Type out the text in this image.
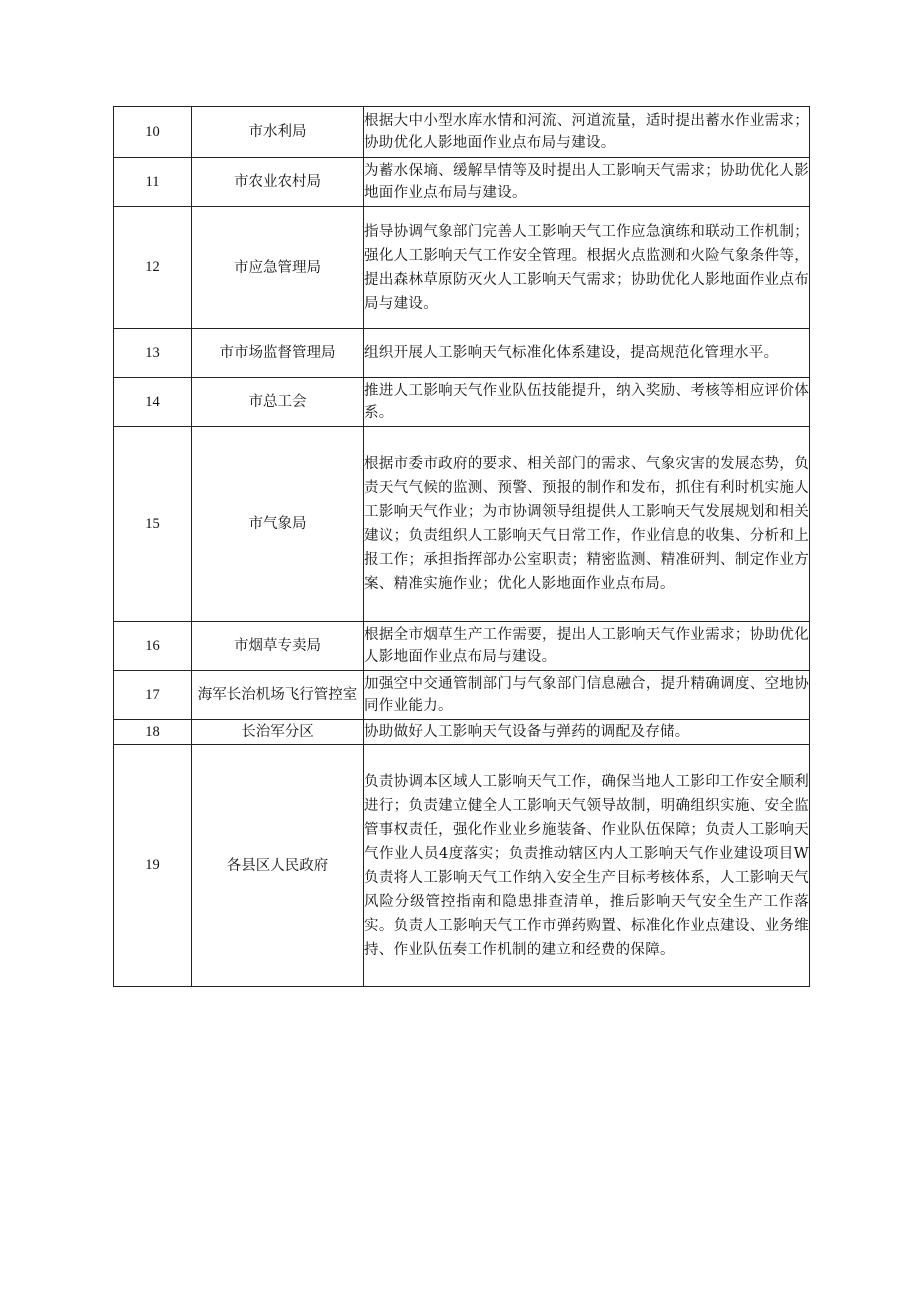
10	市水利局	根据大中小型水库水情和河流、河道流量，适时提出蓄水作业需求；协助优化人影地面作业点布局与建设。
11	市农业农村局	为蓄水保墒、缓解旱情等及时提出人工影响天气需求；协助优化人影地面作业点布局与建设。
12	市应急管理局	指导协调气象部门完善人工影响天气工作应急演练和联动工作机制；强化人工影响天气工作安全管理。根据火点监测和火险气象条件等，提出森林草原防灭火人工影响天气需求；协助优化人影地面作业点布局与建设。
13	市市场监督管理局	组织开展人工影响天气标准化体系建设，提高规范化管理水平。
14	市总工会	推进人工影响天气作业队伍技能提升，纳入奖励、考核等相应评价体系。
15	市气象局	根据市委市政府的要求、相关部门的需求、气象灾害的发展态势，负责天气气候的监测、预警、预报的制作和发布，抓住有利时机实施人工影响天气作业；为市协调领导组提供人工影响天气发展规划和相关建议；负责组织人工影响天气日常工作，作业信息的收集、分析和上报工作；承担指挥部办公室职责；精密监测、精准研判、制定作业方案、精准实施作业；优化人影地面作业点布局。
16	市烟草专卖局	根据全市烟草生产工作需要，提出人工影响天气作业需求；协助优化人影地面作业点布局与建设。
17	海军长治机场飞行管控室	加强空中交通管制部门与气象部门信息融合，提升精确调度、空地协同作业能力。
18	长治军分区	协助做好人工影响天气设备与弹药的调配及存储。
19	各县区人民政府	负责协调本区域人工影响天气工作，确保当地人工影印工作安全顺利进行；负责建立健全人工影响天气领导故制，明确组织实施、安全监管事权责任，强化作业业乡施装备、作业队伍保障；负责人工影响天气作业人员4度落实；负责推动辖区内人工影响天气作业建设项目W负责将人工影响天气工作纳入安全生产目标考核体系，人工影响天气风险分级管控指南和隐患排查清单，推后影响天气安全生产工作落实。负责人工影响天气工作市弹药购置、标准化作业点建设、业务维持、作业队伍奏工作机制的建立和经费的保障。
